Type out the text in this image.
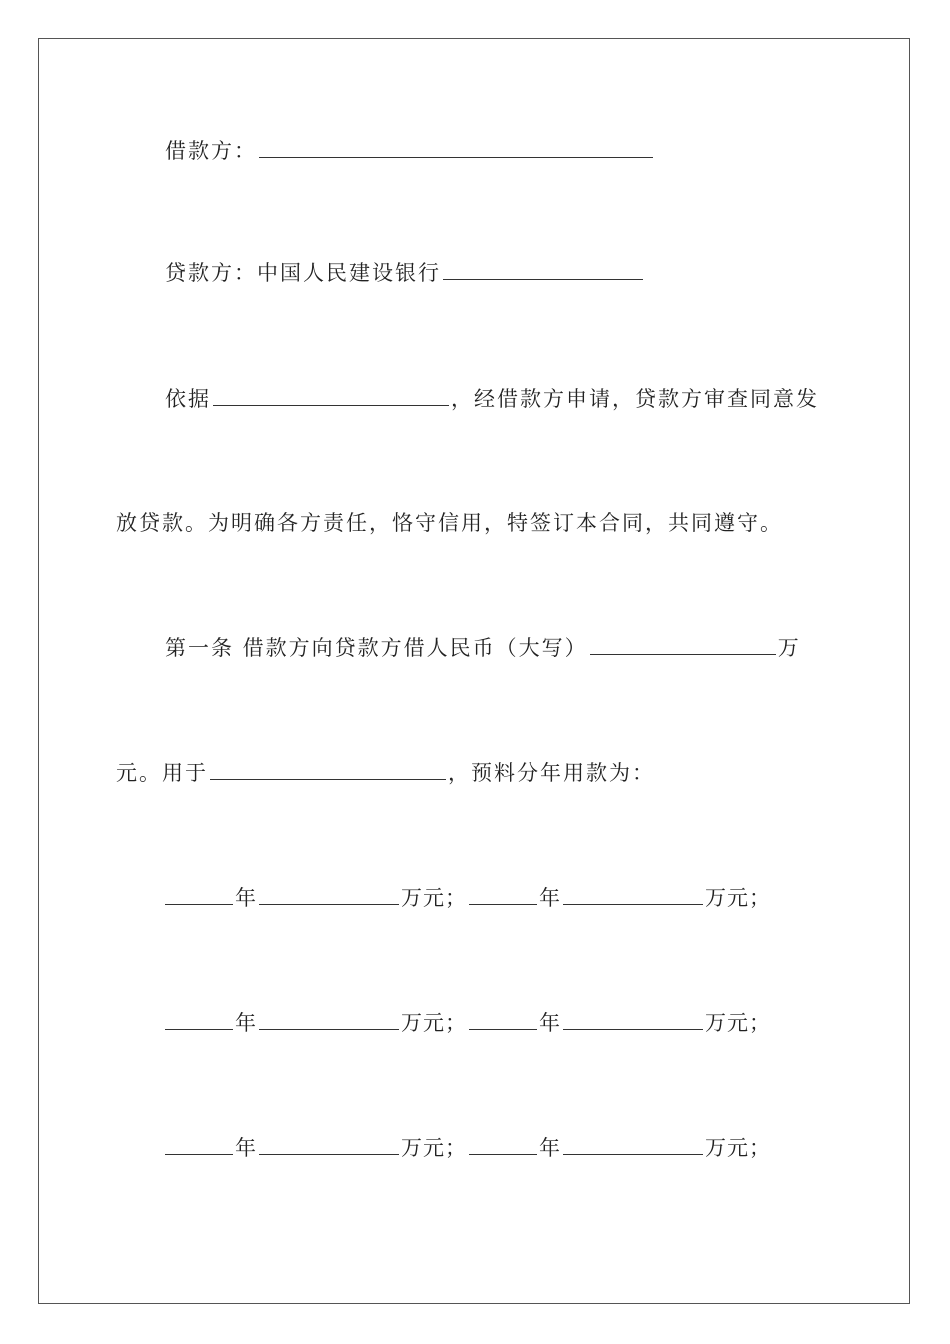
借款方：
贷款方：中国人民建设银行
依据	，经借款方申请，贷款方审查同意发
放贷款。为明确各方责任，恪守信用，特签订本合同，共同遵守。
第一条 借款方向贷款方借人民币（大写）	万
元。用于	，预料分年用款为：
年	万元；	年	万元；
年	万元；	年	万元；
年	万元；	年	万元；
